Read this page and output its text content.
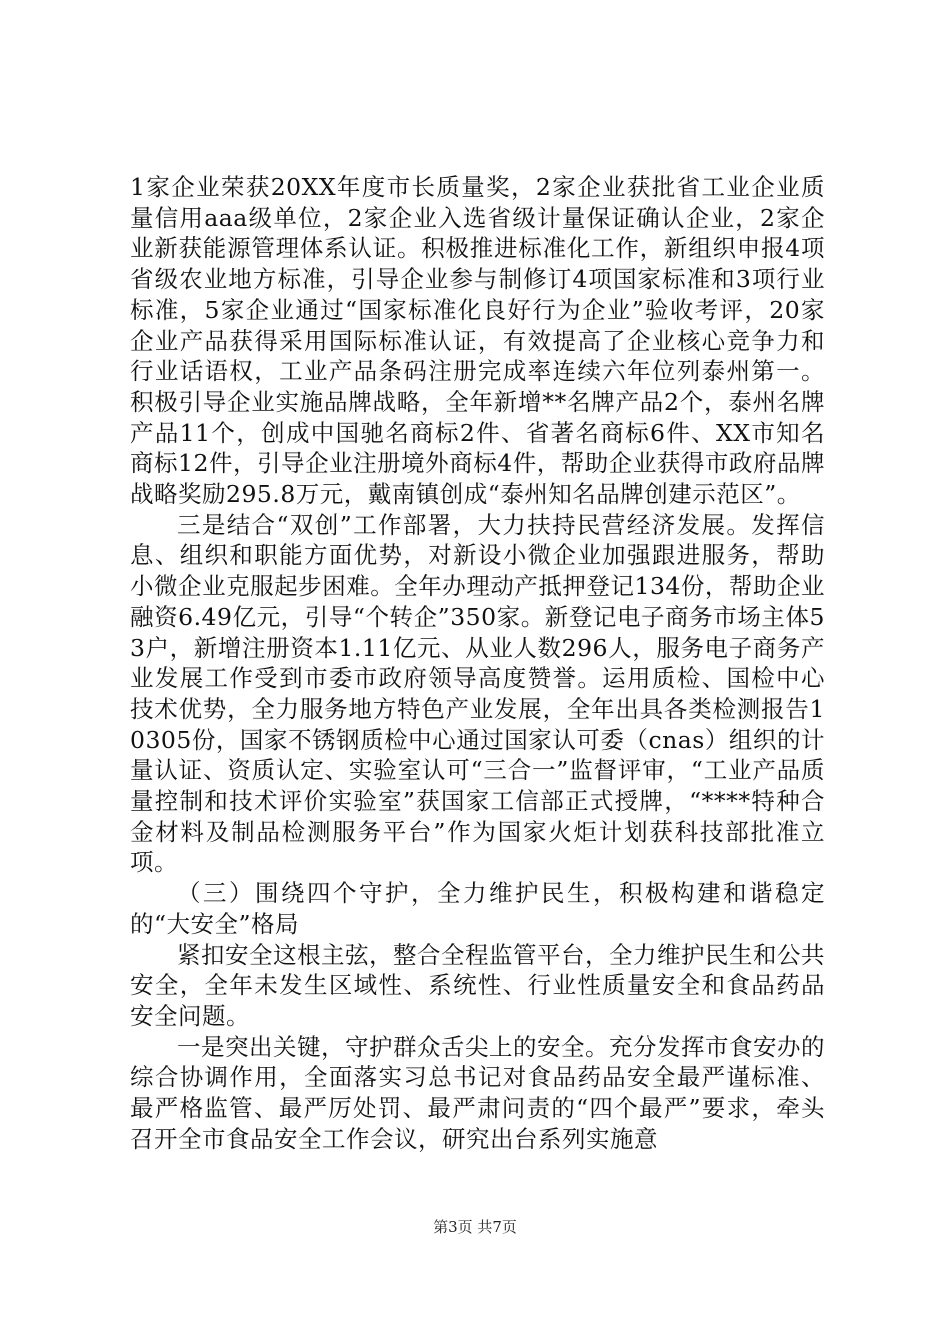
1家企业荣获20XX年度市长质量奖，2家企业获批省工业企业质量信用aaa级单位，2家企业入选省级计量保证确认企业，2家企业新获能源管理体系认证。积极推进标准化工作，新组织申报4项省级农业地方标准，引导企业参与制修订4项国家标准和3项行业标准，5家企业通过“国家标准化良好行为企业”验收考评，20家企业产品获得采用国际标准认证，有效提高了企业核心竞争力和行业话语权，工业产品条码注册完成率连续六年位列泰州第一。积极引导企业实施品牌战略，全年新增**名牌产品2个，泰州名牌产品11个，创成中国驰名商标2件、省著名商标6件、XX市知名商标12件，引导企业注册境外商标4件，帮助企业获得市政府品牌战略奖励295.8万元，戴南镇创成“泰州知名品牌创建示范区”。

三是结合“双创”工作部署，大力扶持民营经济发展。发挥信息、组织和职能方面优势，对新设小微企业加强跟进服务，帮助小微企业克服起步困难。全年办理动产抵押登记134份，帮助企业融资6.49亿元，引导“个转企”350家。新登记电子商务市场主体53户，新增注册资本1.11亿元、从业人数296人，服务电子商务产业发展工作受到市委市政府领导高度赞誉。运用质检、国检中心技术优势，全力服务地方特色产业发展，全年出具各类检测报告10305份，国家不锈钢质检中心通过国家认可委（cnas）组织的计量认证、资质认定、实验室认可“三合一”监督评审，“工业产品质量控制和技术评价实验室”获国家工信部正式授牌，“****特种合金材料及制品检测服务平台”作为国家火炬计划获科技部批准立项。

（三）围绕四个守护，全力维护民生，积极构建和谐稳定的“大安全”格局

紧扣安全这根主弦，整合全程监管平台，全力维护民生和公共安全，全年未发生区域性、系统性、行业性质量安全和食品药品安全问题。

一是突出关键，守护群众舌尖上的安全。充分发挥市食安办的综合协调作用，全面落实习总书记对食品药品安全最严谨标准、最严格监管、最严厉处罚、最严肃问责的“四个最严”要求，牵头召开全市食品安全工作会议，研究出台系列实施意

第3页 共7页
